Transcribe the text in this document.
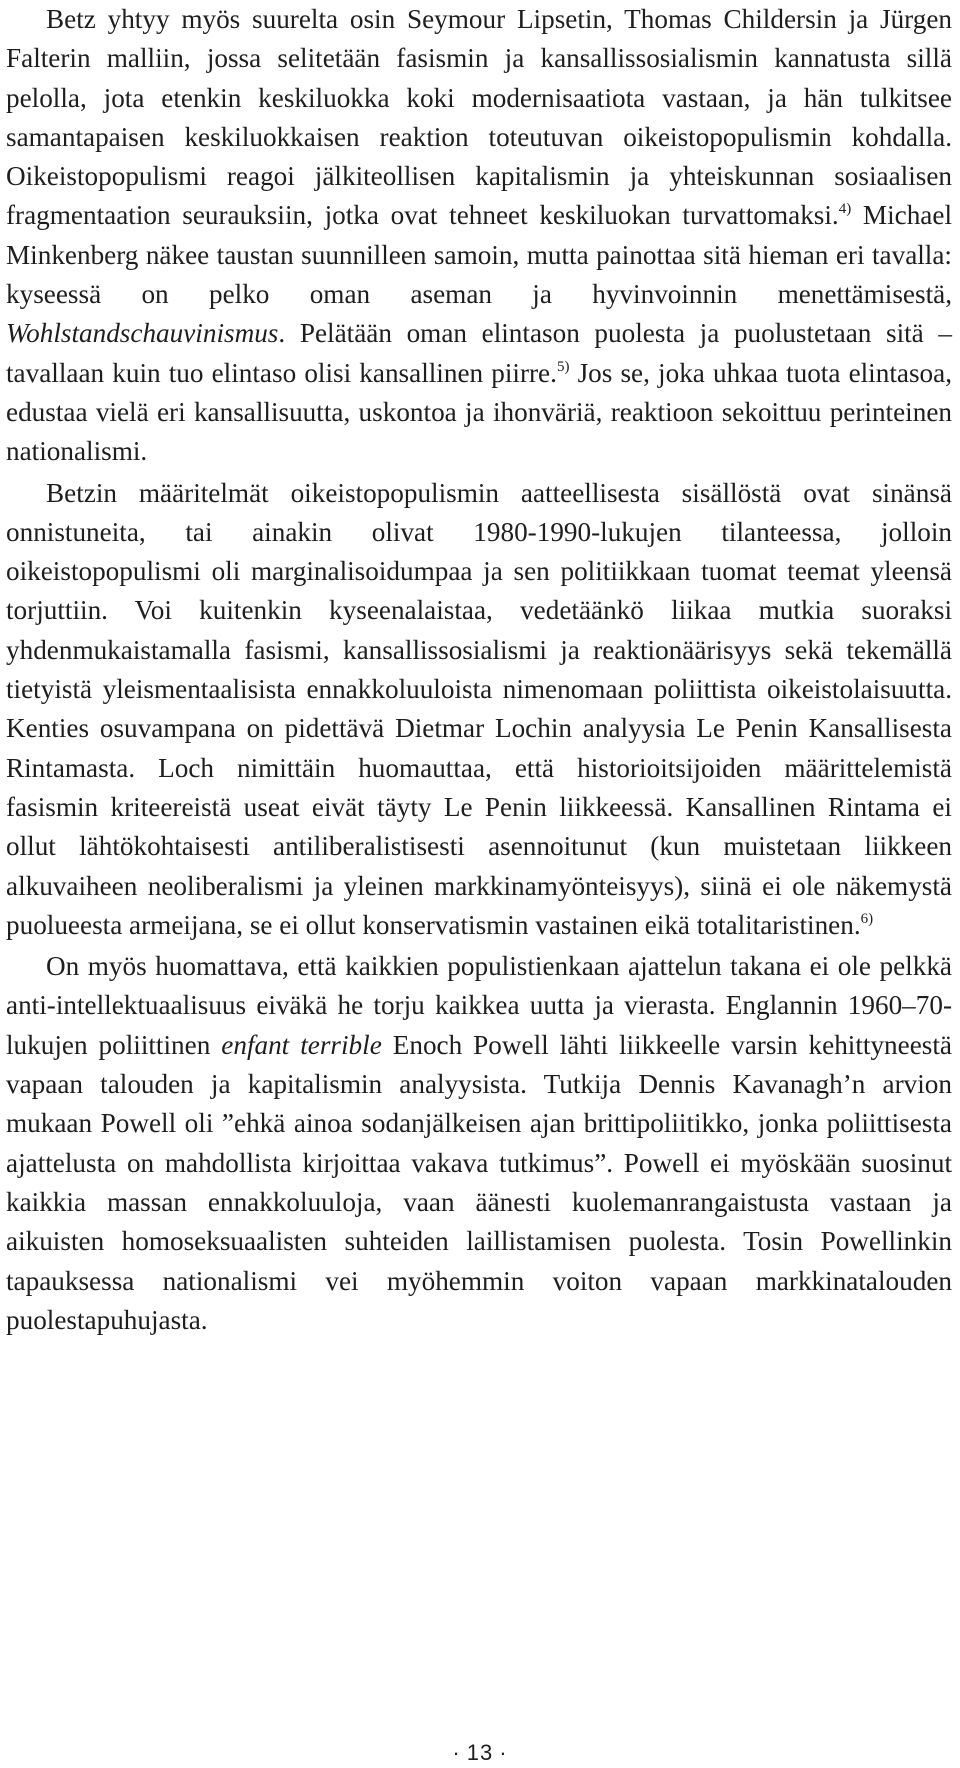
Betz yhtyy myös suurelta osin Seymour Lipsetin, Thomas Childersin ja Jürgen Falterin malliin, jossa selitetään fasismin ja kansallissosialismin kannatusta sillä pelolla, jota etenkin keskiluokka koki modernisaatiota vastaan, ja hän tulkitsee samantapaisen keskiluokkaisen reaktion toteutuvan oikeistopopulismin kohdalla. Oikeistopopulismi reagoi jälkiteollisen kapitalismin ja yhteiskunnan sosiaalisen fragmentaation seurauksiin, jotka ovat tehneet keskiluokan turvattomaksi.$^{4)}$ Michael Minkenberg näkee taustan suunnilleen samoin, mutta painottaa sitä hieman eri tavalla: kyseessä on pelko oman aseman ja hyvinvoinnin menettämisestä, Wohlstandschauvinismus. Pelätään oman elintason puolesta ja puolustetaan sitä – tavallaan kuin tuo elintaso olisi kansallinen piirre.$^{5)}$ Jos se, joka uhkaa tuota elintasoa, edustaa vielä eri kansallisuutta, uskontoa ja ihonväriä, reaktioon sekoittuu perinteinen nationalismi.

Betzin määritelmät oikeistopopulismin aatteellisesta sisällöstä ovat sinänsä onnistuneita, tai ainakin olivat 1980-1990-lukujen tilanteessa, jolloin oikeistopopulismi oli marginalisoidumpaa ja sen politiikkaan tuomat teemat yleensä torjuttiin. Voi kuitenkin kyseenalaistaa, vedetäänkö liikaa mutkia suoraksi yhdenmukaistamalla fasismi, kansallissosialismi ja reaktionäärisyys sekä tekemällä tietyistä yleismentaalisista ennakkoluuloista nimenomaan poliittista oikeistolaisuutta. Kenties osuvampana on pidettävä Dietmar Lochin analyysia Le Penin Kansallisesta Rintamasta. Loch nimittäin huomauttaa, että historioitsijoiden määrittelemistä fasismin kriteereistä useat eivät täyty Le Penin liikkeessä. Kansallinen Rintama ei ollut lähtökohtaisesti antiliberalistisesti asennoitunut (kun muistetaan liikkeen alkuvaiheen neoliberalismi ja yleinen markkinamyönteisyys), siinä ei ole näkemystä puolueesta armeijana, se ei ollut konservatismin vastainen eikä totalitaristinen.$^{6)}$

On myös huomattava, että kaikkien populistienkaan ajattelun takana ei ole pelkkä anti-intellektuaalisuus eiväkä he torju kaikkea uutta ja vierasta. Englannin 1960–70-lukujen poliittinen enfant terrible Enoch Powell lähti liikkeelle varsin kehittyneestä vapaan talouden ja kapitalismin analyysista. Tutkija Dennis Kavanagh’n arvion mukaan Powell oli ”ehkä ainoa sodanjälkeisen ajan brittipoliitikko, jonka poliittisesta ajattelusta on mahdollista kirjoittaa vakava tutkimus”. Powell ei myöskään suosinut kaikkia massan ennakkoluuloja, vaan äänesti kuolemanrangaistusta vastaan ja aikuisten homoseksuaalisten suhteiden laillistamisen puolesta. Tosin Powellinkin tapauksessa nationalismi vei myöhemmin voiton vapaan markkinatalouden puolestapuhujasta.

· 13 ·
